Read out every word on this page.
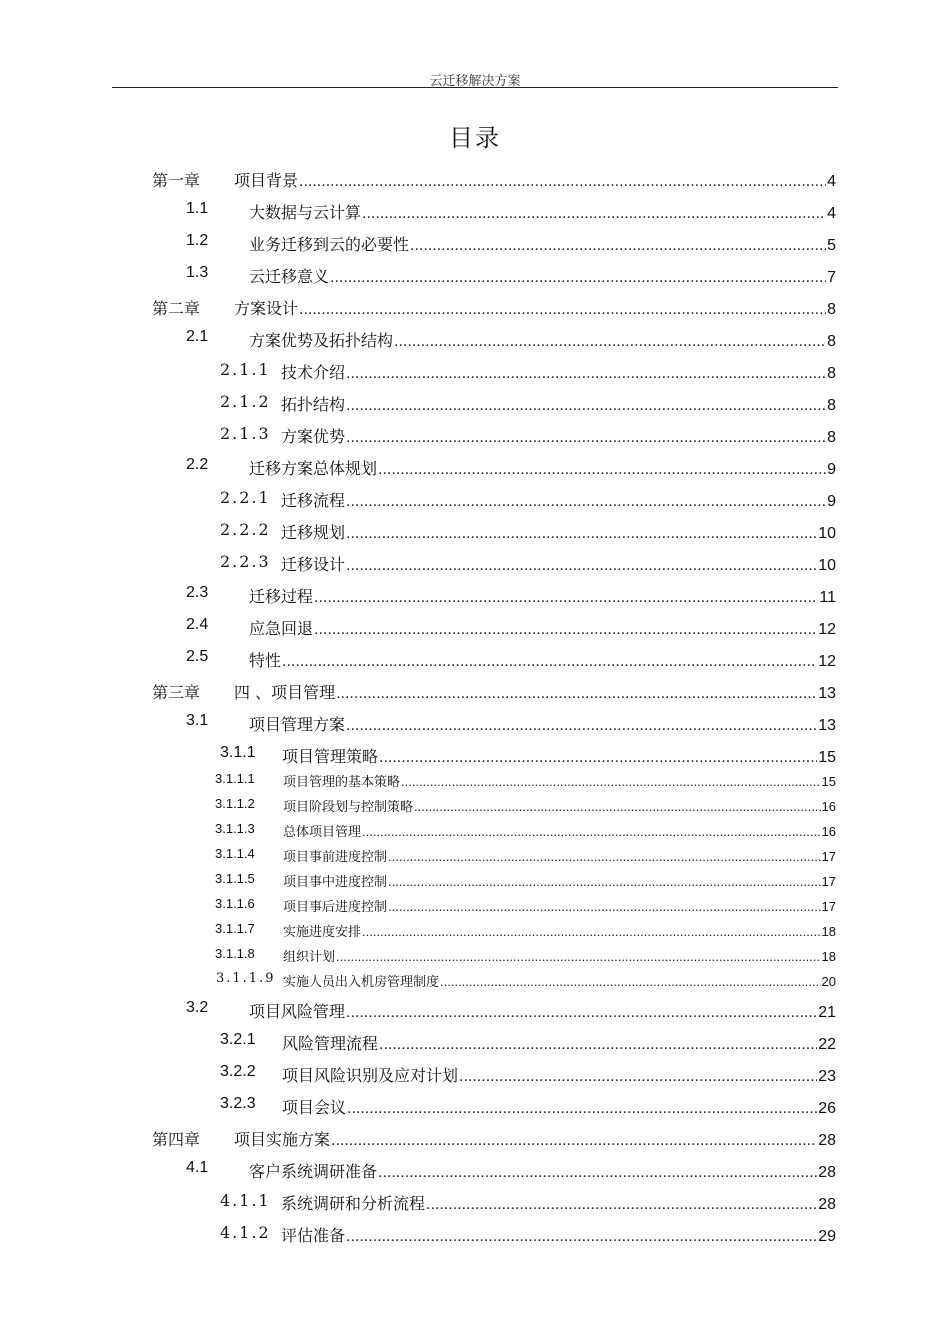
云迁移解决方案
目录
第一章 项目背景 .....	4
1.1	大数据与云计算 .....	4
1.2	业务迁移到云的必要性 .....	5
1.3	云迁移意义 .....	7
第二章 方案设计 .....	8
2.1	方案优势及拓扑结构 .....	8
2.1.1 技术介绍 .....	8
2.1.2 拓扑结构 .....	8
2.1.3 方案优势 .....	8
2.2	迁移方案总体规划 .....	9
2.2.1 迁移流程 .....	9
2.2.2 迁移规划 .....	10
2.2.3 迁移设计 .....	10
2.3	迁移过程 .....	11
2.4	应急回退 .....	12
2.5	特性 .....	12
第三章 四 、项目管理 .....	13
3.1	项目管理方案 .....	13
3.1.1 项目管理策略 .....	15
3.1.1.1 项目管理的基本策略 .....	15
3.1.1.2 项目阶段划与控制策略 .....	16
3.1.1.3 总体项目管理 .....	16
3.1.1.4 项目事前进度控制 .....	17
3.1.1.5 项目事中进度控制 .....	17
3.1.1.6 项目事后进度控制 .....	17
3.1.1.7 实施进度安排 .....	18
3.1.1.8 组织计划 .....	18
3.1.1.9 实施人员出入机房管理制度 .....	20
3.2	项目风险管理 .....	21
3.2.1 风险管理流程 .....	22
3.2.2 项目风险识别及应对计划 .....	23
3.2.3 项目会议 .....	26
第四章 项目实施方案 .....	28
4.1	客户系统调研准备 .....	28
4.1.1 系统调研和分析流程 .....	28
4.1.2 评估准备 .....	29
